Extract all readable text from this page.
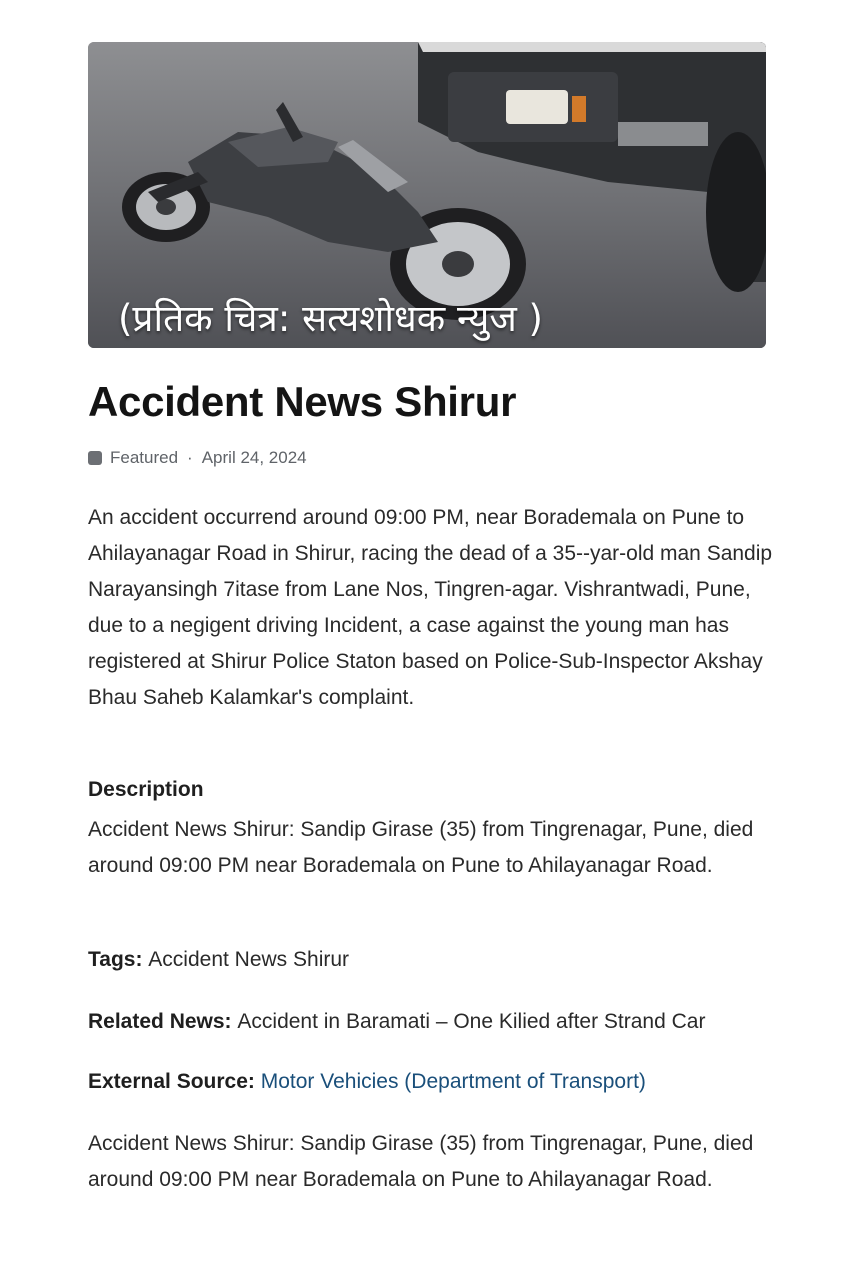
(प्रतिक चित्र: सत्यशोधक न्युज )
Accident News Shirur
Featured · April 24, 2024

An accident occurrend around 09:00 PM, near Borademala on Pune to Ahilayanagar Road in Shirur, racing the dead of a 35--yar-old man Sandip Narayansingh 7itase from Lane Nos, Tingren-agar. Vishrantwadi, Pune, due to a negigent driving Incident, a case against the young man has registered at Shirur Police Staton based on Police-Sub-Inspector Akshay Bhau Saheb Kalamkar's complaint.

Description

Accident News Shirur: Sandip Girase (35) from Tingrenagar, Pune, died around 09:00 PM near Borademala on Pune to Ahilayanagar Road.

Tags: Accident News Shirur
Related News: Accident in Baramati – One Kilied after Strand Car
External Source: Motor Vehicies (Department of Transport)

Accident News Shirur: Sandip Girase (35) from Tingrenagar, Pune, died around 09:00 PM near Borademala on Pune to Ahilayanagar Road.
